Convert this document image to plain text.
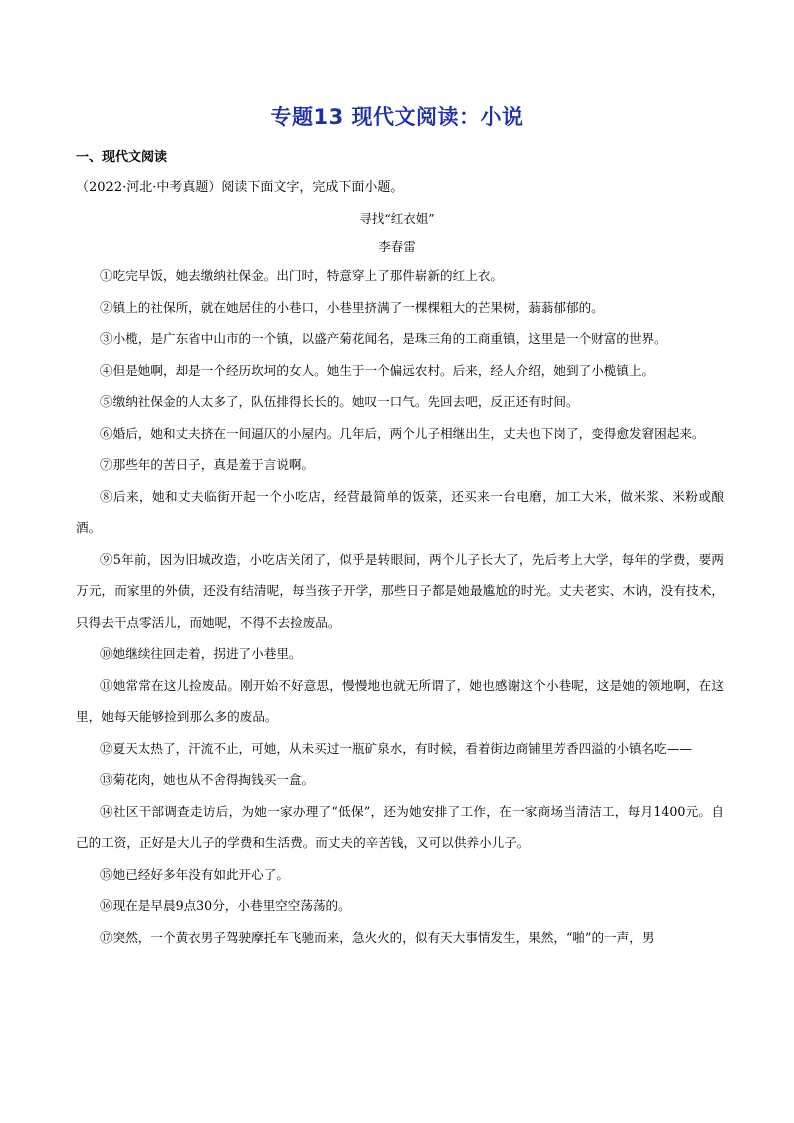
专题13 现代文阅读：小说
一、现代文阅读
（2022·河北·中考真题）阅读下面文字，完成下面小题。
寻找“红衣姐”
李春雷

①吃完早饭，她去缴纳社保金。出门时，特意穿上了那件崭新的红上衣。

②镇上的社保所，就在她居住的小巷口，小巷里挤满了一棵棵粗大的芒果树，蓊蓊郁郁的。

③小榄，是广东省中山市的一个镇，以盛产菊花闻名，是珠三角的工商重镇，这里是一个财富的世界。

④但是她啊，却是一个经历坎坷的女人。她生于一个偏远农村。后来，经人介绍，她到了小榄镇上。

⑤缴纳社保金的人太多了，队伍排得长长的。她叹一口气。先回去吧，反正还有时间。

⑥婚后，她和丈夫挤在一间逼仄的小屋内。几年后，两个儿子相继出生，丈夫也下岗了，变得愈发窘困起来。

⑦那些年的苦日子，真是羞于言说啊。

⑧后来，她和丈夫临街开起一个小吃店，经营最简单的饭菜，还买来一台电磨，加工大米，做米浆、米粉或酿酒。

⑨5年前，因为旧城改造，小吃店关闭了，似乎是转眼间，两个儿子长大了，先后考上大学，每年的学费，要两万元，而家里的外债，还没有结清呢，每当孩子开学，那些日子都是她最尴尬的时光。丈夫老实、木讷，没有技术，只得去干点零活儿，而她呢，不得不去捡废品。

⑩她继续往回走着，拐进了小巷里。

⑪她常常在这儿捡废品。刚开始不好意思，慢慢地也就无所谓了，她也感谢这个小巷呢，这是她的领地啊，在这里，她每天能够捡到那么多的废品。

⑫夏天太热了，汗流不止，可她，从未买过一瓶矿泉水，有时候，看着街边商铺里芳香四溢的小镇名吃——

⑬菊花肉，她也从不舍得掏钱买一盒。

⑭社区干部调查走访后，为她一家办理了“低保”，还为她安排了工作，在一家商场当清洁工，每月1400元。自己的工资，正好是大儿子的学费和生活费。而丈夫的辛苦钱，又可以供养小儿子。

⑮她已经好多年没有如此开心了。

⑯现在是早晨9点30分，小巷里空空荡荡的。

⑰突然，一个黄衣男子驾驶摩托车飞驰而来，急火火的，似有天大事情发生，果然，“啪”的一声，男
